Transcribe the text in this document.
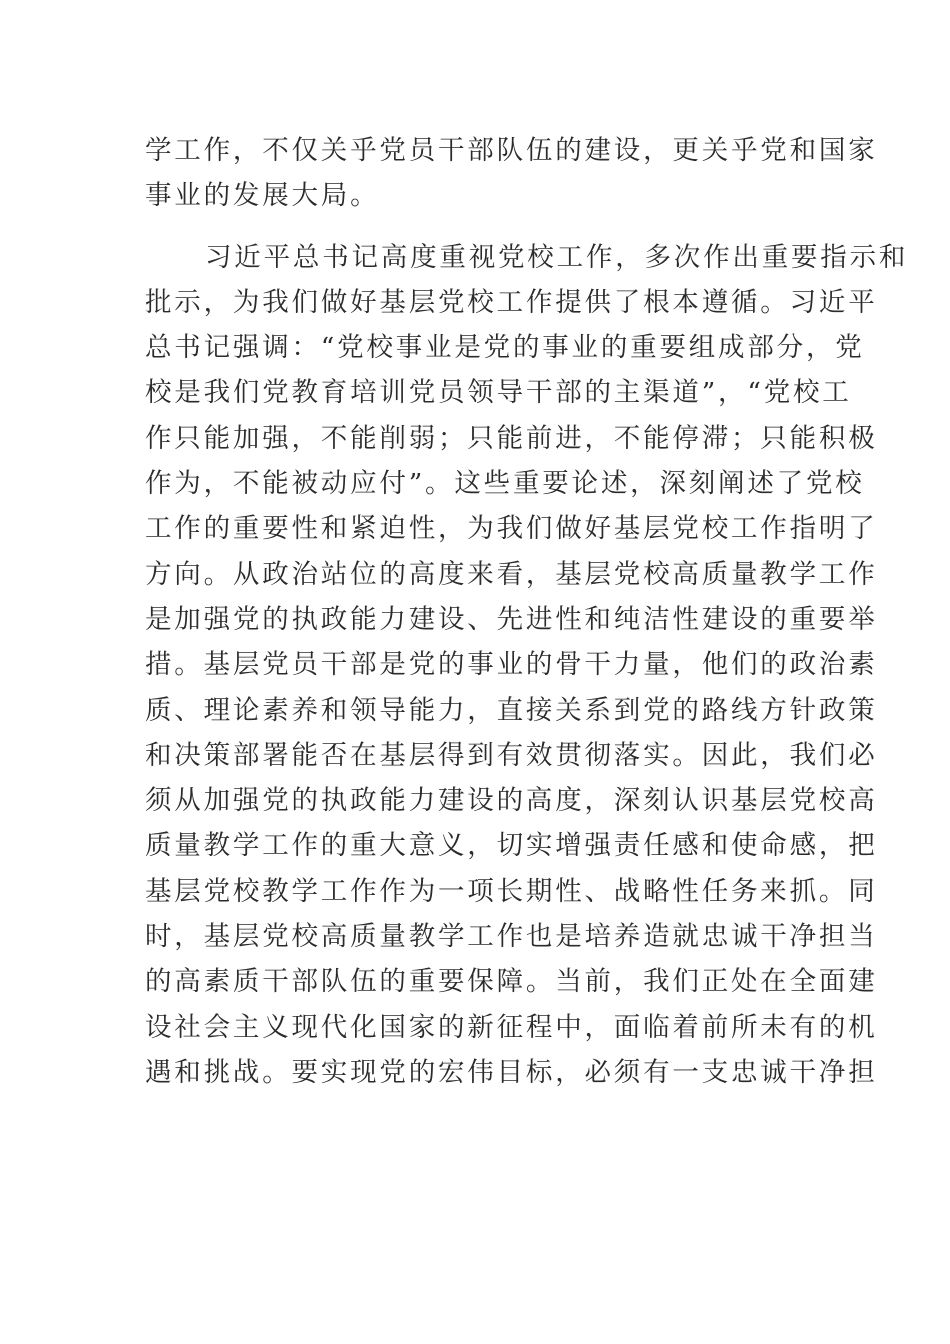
学工作，不仅关乎党员干部队伍的建设，更关乎党和国家
事业的发展大局。
习近平总书记高度重视党校工作，多次作出重要指示和
批示，为我们做好基层党校工作提供了根本遵循。习近平
总书记强调：“党校事业是党的事业的重要组成部分，党
校是我们党教育培训党员领导干部的主渠道”，“党校工
作只能加强，不能削弱；只能前进，不能停滞；只能积极
作为，不能被动应付”。这些重要论述，深刻阐述了党校
工作的重要性和紧迫性，为我们做好基层党校工作指明了
方向。从政治站位的高度来看，基层党校高质量教学工作
是加强党的执政能力建设、先进性和纯洁性建设的重要举
措。基层党员干部是党的事业的骨干力量，他们的政治素
质、理论素养和领导能力，直接关系到党的路线方针政策
和决策部署能否在基层得到有效贯彻落实。因此，我们必
须从加强党的执政能力建设的高度，深刻认识基层党校高
质量教学工作的重大意义，切实增强责任感和使命感，把
基层党校教学工作作为一项长期性、战略性任务来抓。同
时，基层党校高质量教学工作也是培养造就忠诚干净担当
的高素质干部队伍的重要保障。当前，我们正处在全面建
设社会主义现代化国家的新征程中，面临着前所未有的机
遇和挑战。要实现党的宏伟目标，必须有一支忠诚干净担
